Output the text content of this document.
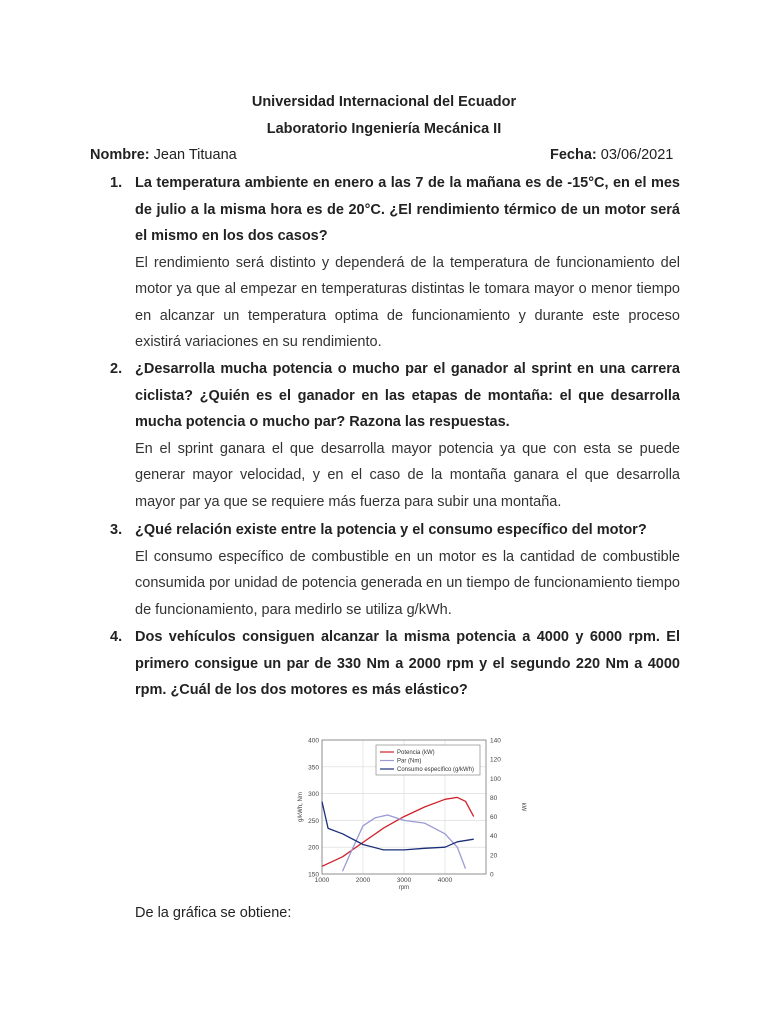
Universidad Internacional del Ecuador
Laboratorio Ingeniería Mecánica II
Nombre: Jean Tituana	Fecha: 03/06/2021
1. La temperatura ambiente en enero a las 7 de la mañana es de -15°C, en el mes de julio a la misma hora es de 20°C. ¿El rendimiento térmico de un motor será el mismo en los dos casos?
El rendimiento será distinto y dependerá de la temperatura de funcionamiento del motor ya que al empezar en temperaturas distintas le tomara mayor o menor tiempo en alcanzar un temperatura optima de funcionamiento y durante este proceso existirá variaciones en su rendimiento.
2. ¿Desarrolla mucha potencia o mucho par el ganador al sprint en una carrera ciclista? ¿Quién es el ganador en las etapas de montaña: el que desarrolla mucha potencia o mucho par? Razona las respuestas.
En el sprint ganara el que desarrolla mayor potencia ya que con esta se puede generar mayor velocidad, y en el caso de la montaña ganara el que desarrolla mayor par ya que se requiere más fuerza para subir una montaña.
3. ¿Qué relación existe entre la potencia y el consumo específico del motor?
El consumo específico de combustible en un motor es la cantidad de combustible consumida por unidad de potencia generada en un tiempo de funcionamiento tiempo de funcionamiento, para medirlo se utiliza g/kWh.
4. Dos vehículos consiguen alcanzar la misma potencia a 4000 y 6000 rpm. El primero consigue un par de 330 Nm a 2000 rpm y el segundo 220 Nm a 4000 rpm. ¿Cuál de los dos motores es más elástico?
150
200
250
300
350
400
1000	2000	3000	4000
0
20
40
60
80
100
120
140
rpm
g/kWh, Nm	kW
Potencia (kW)
Par (Nm)
Consumo específico (g/kWh)
De la gráfica se obtiene:
